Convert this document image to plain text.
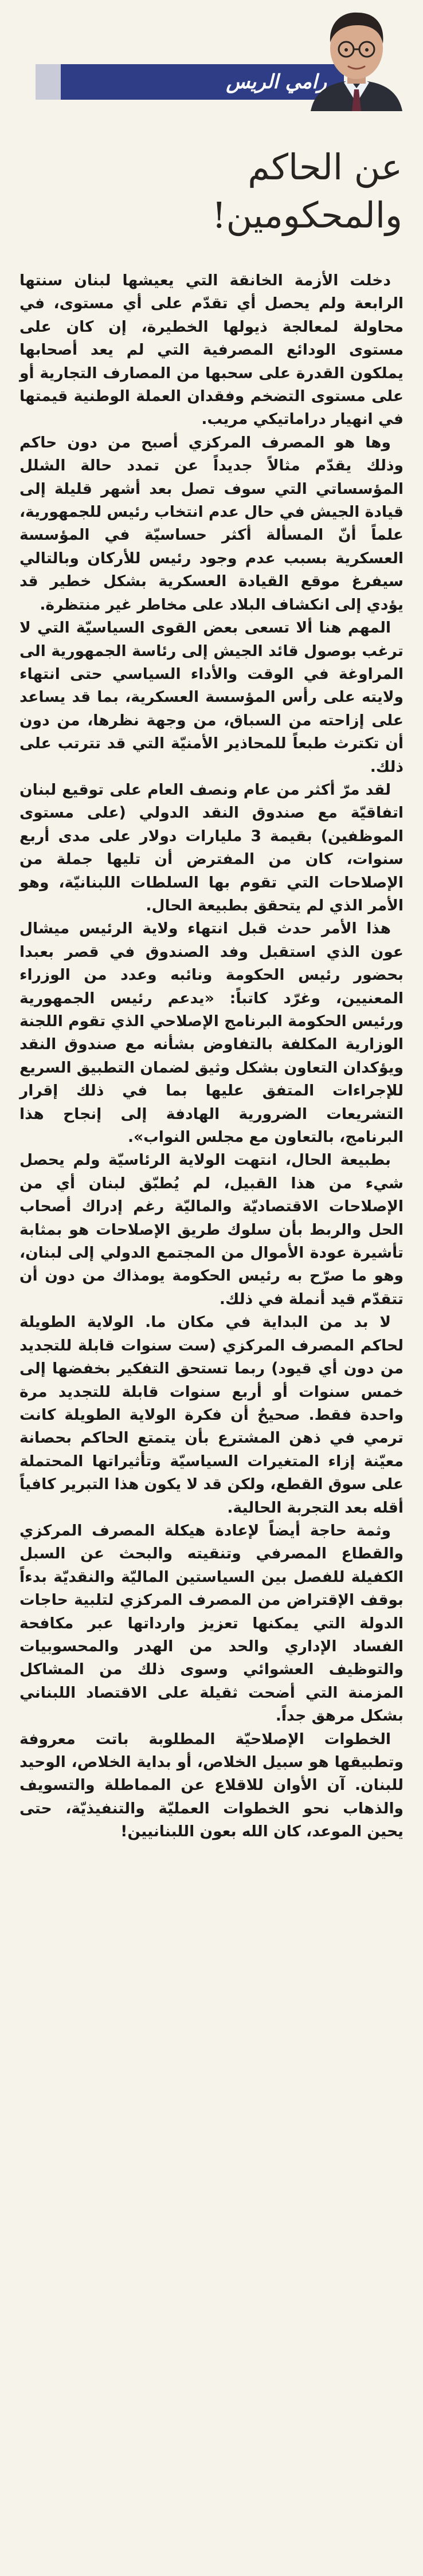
رامي الريس
عن الحاكم والمحكومين!

دخلت الأزمة الخانقة التي يعيشها لبنان سنتها الرابعة ولم يحصل أي تقدّم على أي مستوى، في محاولة لمعالجة ذيولها الخطيرة، إن كان على مستوى الودائع المصرفية التي لم يعد أصحابها يملكون القدرة على سحبها من المصارف التجارية أو على مستوى التضخم وفقدان العملة الوطنية قيمتها في انهيار دراماتيكي مريب.

وها هو المصرف المركزي أصبح من دون حاكم وذلك يقدّم مثالاً جديداً عن تمدد حالة الشلل المؤسساتي التي سوف تصل بعد أشهر قليلة إلى قيادة الجيش في حال عدم انتخاب رئيس للجمهورية، علماً أنّ المسألة أكثر حساسيّة في المؤسسة العسكرية بسبب عدم وجود رئيس للأركان وبالتالي سيفرغ موقع القيادة العسكرية بشكل خطير قد يؤدي إلى انكشاف البلاد على مخاطر غير منتظرة.

المهم هنا ألا تسعى بعض القوى السياسيّة التي لا ترغب بوصول قائد الجيش إلى رئاسة الجمهورية الى المراوغة في الوقت والأداء السياسي حتى انتهاء ولايته على رأس المؤسسة العسكرية، بما قد يساعد على إزاحته من السباق، من وجهة نظرها، من دون أن تكترث طبعاً للمحاذير الأمنيّة التي قد تترتب على ذلك.

لقد مرّ أكثر من عام ونصف العام على توقيع لبنان اتفاقيّة مع صندوق النقد الدولي (على مستوى الموظفين) بقيمة 3 مليارات دولار على مدى أربع سنوات، كان من المفترض أن تليها جملة من الإصلاحات التي تقوم بها السلطات اللبنانيّة، وهو الأمر الذي لم يتحقق بطبيعة الحال.

هذا الأمر حدث قبل انتهاء ولاية الرئيس ميشال عون الذي استقبل وفد الصندوق في قصر بعبدا بحضور رئيس الحكومة ونائبه وعدد من الوزراء المعنيين، وغرّد كاتباً: «يدعم رئيس الجمهورية ورئيس الحكومة البرنامج الإصلاحي الذي تقوم اللجنة الوزارية المكلفة بالتفاوض بشأنه مع صندوق النقد ويؤكدان التعاون بشكل وثيق لضمان التطبيق السريع للإجراءات المتفق عليها بما في ذلك إقرار التشريعات الضرورية الهادفة إلى إنجاح هذا البرنامج، بالتعاون مع مجلس النواب».

بطبيعة الحال، انتهت الولاية الرئاسيّة ولم يحصل شيء من هذا القبيل، لم يُطبّق لبنان أي من الإصلاحات الاقتصاديّة والماليّة رغم إدراك أصحاب الحل والربط بأن سلوك طريق الإصلاحات هو بمثابة تأشيرة عودة الأموال من المجتمع الدولي إلى لبنان، وهو ما صرّح به رئيس الحكومة يومذاك من دون أن تتقدّم قيد أنملة في ذلك.

لا بد من البداية في مكان ما. الولاية الطويلة لحاكم المصرف المركزي (ست سنوات قابلة للتجديد من دون أي قيود) ربما تستحق التفكير بخفضها إلى خمس سنوات أو أربع سنوات قابلة للتجديد مرة واحدة فقط. صحيحٌ أن فكرة الولاية الطويلة كانت ترمي في ذهن المشترع بأن يتمتع الحاكم بحصانة معيّنة إزاء المتغيرات السياسيّة وتأثيراتها المحتملة على سوق القطع، ولكن قد لا يكون هذا التبرير كافياً أقله بعد التجربة الحالية.

وثمة حاجة أيضاً لإعادة هيكلة المصرف المركزي والقطاع المصرفي وتنقيته والبحث عن السبل الكفيلة للفصل بين السياستين الماليّة والنقديّة بدءاً بوقف الإقتراض من المصرف المركزي لتلبية حاجات الدولة التي يمكنها تعزيز وارداتها عبر مكافحة الفساد الإداري والحد من الهدر والمحسوبيات والتوظيف العشوائي وسوى ذلك من المشاكل المزمنة التي أضحت ثقيلة على الاقتصاد اللبناني بشكل مرهق جداً.

الخطوات الإصلاحيّة المطلوبة باتت معروفة وتطبيقها هو سبيل الخلاص، أو بداية الخلاص، الوحيد للبنان. آن الأوان للاقلاع عن المماطلة والتسويف والذهاب نحو الخطوات العمليّة والتنفيذيّة، حتى يحين الموعد، كان الله بعون اللبنانيين!
